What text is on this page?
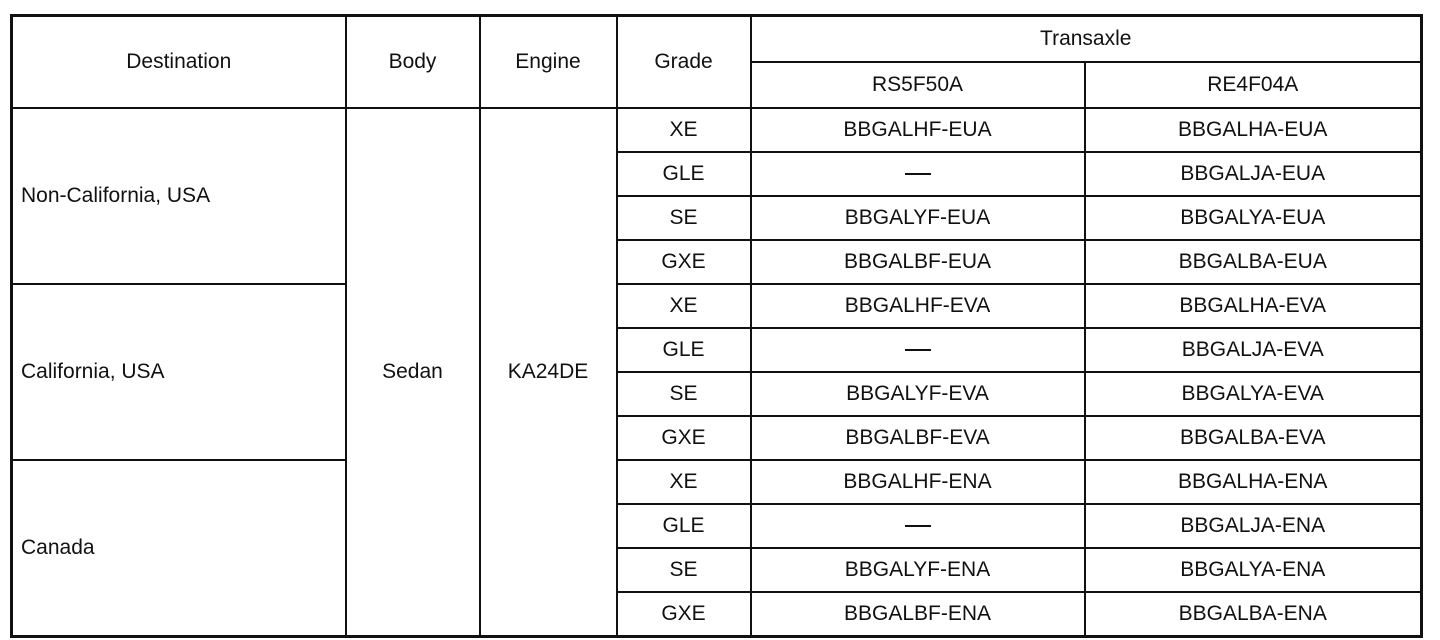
Destination	Body	Engine	Grade	Transaxle	
				RS5F50A	RE4F04A
Non-California, USA	Sedan	KA24DE	XE	BBGALHF-EUA	BBGALHA-EUA
			GLE		BBGALJA-EUA
			SE	BBGALYF-EUA	BBGALYA-EUA
			GXE	BBGALBF-EUA	BBGALBA-EUA
California, USA			XE	BBGALHF-EVA	BBGALHA-EVA
			GLE		BBGALJA-EVA
			SE	BBGALYF-EVA	BBGALYA-EVA
			GXE	BBGALBF-EVA	BBGALBA-EVA
Canada			XE	BBGALHF-ENA	BBGALHA-ENA
			GLE		BBGALJA-ENA
			SE	BBGALYF-ENA	BBGALYA-ENA
			GXE	BBGALBF-ENA	BBGALBA-ENA
